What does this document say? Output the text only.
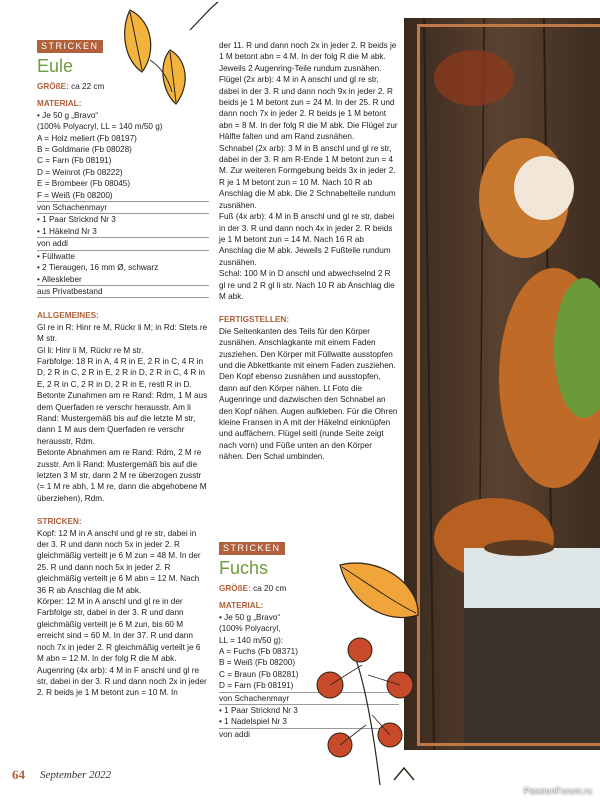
STRICKEN
Eule
GRÖßE: ca 22 cm
MATERIAL:

• Je 50 g „Bravo“

(100% Polyacryl, LL = 140 m/50 g)

A = Holz meliert (Fb 08197)

B = Goldmarie (Fb 08028)

C = Farn (Fb 08191)

D = Weinrot (Fb 08222)

E = Brombeer (Fb 08045)

F = Weiß (Fb 08200)

von Schachenmayr

• 1 Paar Stricknd Nr 3

• 1 Häkelnd Nr 3

von addi

• Füllwatte

• 2 Tieraugen, 16 mm Ø, schwarz

• Alleskleber

aus Privatbestand

ALLGEMEINES:

Gl re in R: Hinr re M, Rückr li M; in Rd: Stets re M str.

Gl li: Hinr li M, Rückr re M str.

Farbfolge: 18 R in A, 4 R in E, 2 R in C, 4 R in D, 2 R in C, 2 R in E, 2 R in D, 2 R in C, 4 R in E, 2 R in C, 2 R in D, 2 R in E, restl R in D.

Betonte Zunahmen am re Rand: Rdm, 1 M aus dem Querfaden re verschr herausstr. Am li Rand: Mustergemäß bis auf die letzte M str, dann 1 M aus dem Querfaden re verschr herausstr, Rdm.

Betonte Abnahmen am re Rand: Rdm, 2 M re zusstr. Am li Rand: Mustergemäß bis auf die letzten 3 M str, dann 2 M re überzogen zusstr (= 1 M re abh, 1 M re, dann die abgehobene M überziehen), Rdm.

STRICKEN:

Kopf: 12 M in A anschl und gl re str, dabei in der 3. R und dann noch 5x in jeder 2. R gleichmäßig verteilt je 6 M zun = 48 M. In der 25. R und dann noch 5x in jeder 2. R gleichmäßig verteilt je 6 M abn = 12 M. Nach 36 R ab Anschlag die M abk.

Körper: 12 M in A anschl und gl re in der Farbfolge str, dabei in der 3. R und dann gleichmäßig verteilt je 6 M zun, bis 60 M erreicht sind = 60 M. In der 37. R und dann noch 7x in jeder 2. R gleichmäßig verteilt je 6 M abn = 12 M. In der folg R die M abk.

Augenring (4x arb): 4 M in F anschl und gl re str, dabei in der 3. R und dann noch 2x in jeder 2. R beids je 1 M betont zun = 10 M. In

der 11. R und dann noch 2x in jeder 2. R beids je 1 M betont abn = 4 M. In der folg R die M abk. Jeweils 2 Augenring-Teile rundum zusnähen.

Flügel (2x arb): 4 M in A anschl und gl re str, dabei in der 3. R und dann noch 9x in jeder 2. R beids je 1 M betont zun = 24 M. In der 25. R und dann noch 7x in jeder 2. R beids je 1 M betont abn = 8 M. In der folg R die M abk. Die Flügel zur Hälfte falten und am Rand zusnähen.

Schnabel (2x arb): 3 M in B anschl und gl re str, dabei in der 3. R am R-Ende 1 M betont zun = 4 M. Zur weiteren Formgebung beids 3x in jeder 2. R je 1 M betont zun = 10 M. Nach 10 R ab Anschlag die M abk. Die 2 Schnabelteile rundum zusnähen.

Fuß (4x arb): 4 M in B anschl und gl re str, dabei in der 3. R und dann noch 4x in jeder 2. R beids je 1 M betont zun = 14 M. Nach 16 R ab Anschlag die M abk. Jeweils 2 Fußteile rundum zusnähen.

Schal: 100 M in D anschl und abwechselnd 2 R gl re und 2 R gl li str. Nach 10 R ab Anschlag die M abk.

FERTIGSTELLEN:

Die Seitenkanten des Teils für den Körper zusnähen. Anschlagkante mit einem Faden zusziehen. Den Körper mit Füllwatte ausstopfen und die Abkettkante mit einem Faden zusziehen. Den Kopf ebenso zusnähen und ausstopfen, dann auf den Körper nähen. Lt Foto die Augenringe und dazwischen den Schnabel an den Kopf nähen. Augen aufkleben. Für die Ohren kleine Fransen in A mit der Häkelnd einknüpfen und auffächern. Flügel seitl (runde Seite zeigt nach vorn) und Füße unten an den Körper nähen. Den Schal umbinden.

STRICKEN
Fuchs
GRÖßE: ca 20 cm
MATERIAL:

• Je 50 g „Bravo“

(100% Polyacryl,

LL = 140 m/50 g):

A = Fuchs (Fb 08371)

B = Weiß (Fb 08200)

C = Braun (Fb 08281)

D = Farn (Fb 08191)

von Schachenmayr

• 1 Paar Stricknd Nr 3

• 1 Nadelspiel Nr 3

von addi

64 September 2022
PassionForum.ru
